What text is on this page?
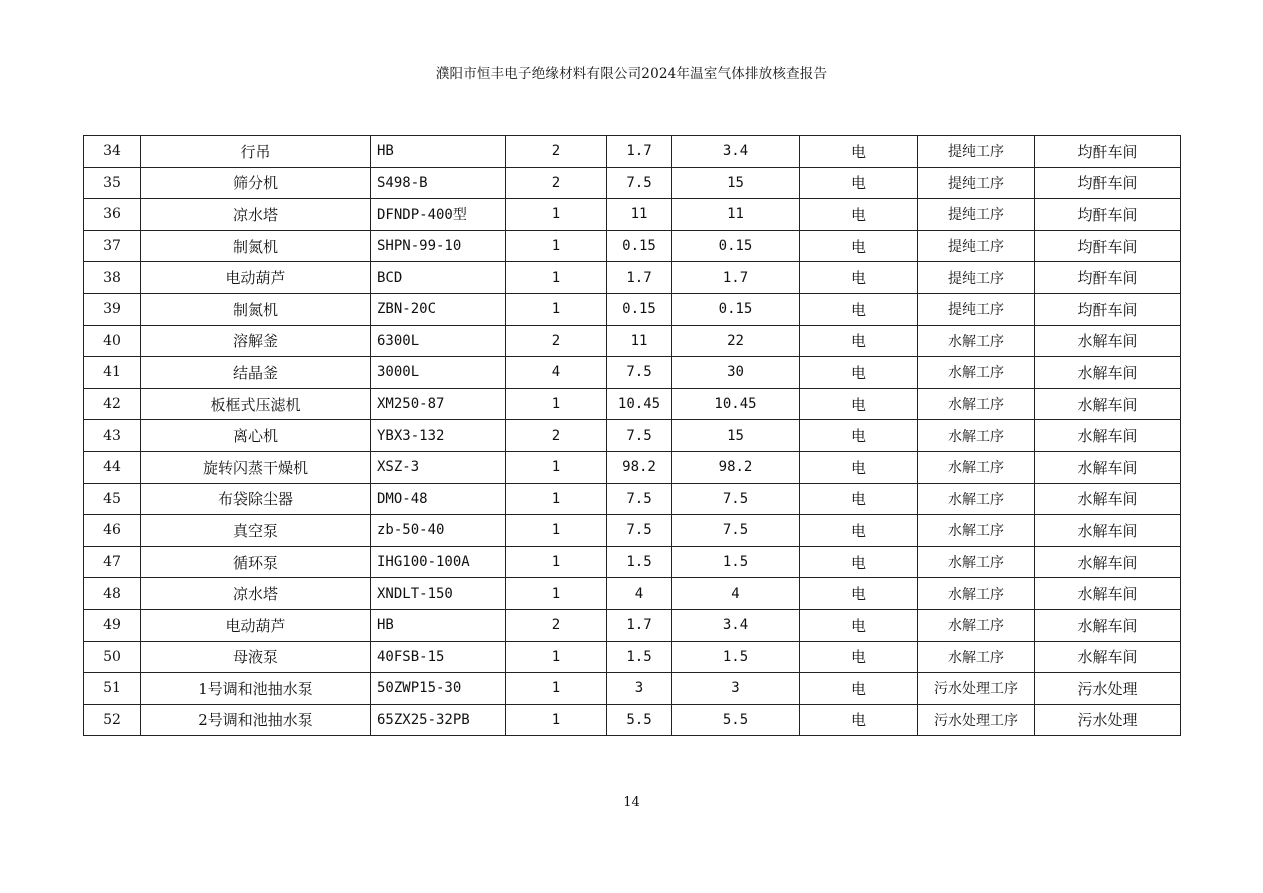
濮阳市恒丰电子绝缘材料有限公司2024年温室气体排放核查报告
34	行吊	HB	2	1.7	3.4	电	提纯工序	均酐车间
35	筛分机	S498-B	2	7.5	15	电	提纯工序	均酐车间
36	凉水塔	DFNDP-400型	1	11	11	电	提纯工序	均酐车间
37	制氮机	SHPN-99-10	1	0.15	0.15	电	提纯工序	均酐车间
38	电动葫芦	BCD	1	1.7	1.7	电	提纯工序	均酐车间
39	制氮机	ZBN-20C	1	0.15	0.15	电	提纯工序	均酐车间
40	溶解釜	6300L	2	11	22	电	水解工序	水解车间
41	结晶釜	3000L	4	7.5	30	电	水解工序	水解车间
42	板框式压滤机	XM250-87	1	10.45	10.45	电	水解工序	水解车间
43	离心机	YBX3-132	2	7.5	15	电	水解工序	水解车间
44	旋转闪蒸干燥机	XSZ-3	1	98.2	98.2	电	水解工序	水解车间
45	布袋除尘器	DMO-48	1	7.5	7.5	电	水解工序	水解车间
46	真空泵	zb-50-40	1	7.5	7.5	电	水解工序	水解车间
47	循环泵	IHG100-100A	1	1.5	1.5	电	水解工序	水解车间
48	凉水塔	XNDLT-150	1	4	4	电	水解工序	水解车间
49	电动葫芦	HB	2	1.7	3.4	电	水解工序	水解车间
50	母液泵	40FSB-15	1	1.5	1.5	电	水解工序	水解车间
51	1号调和池抽水泵	50ZWP15-30	1	3	3	电	污水处理工序	污水处理
52	2号调和池抽水泵	65ZX25-32PB	1	5.5	5.5	电	污水处理工序	污水处理
14
